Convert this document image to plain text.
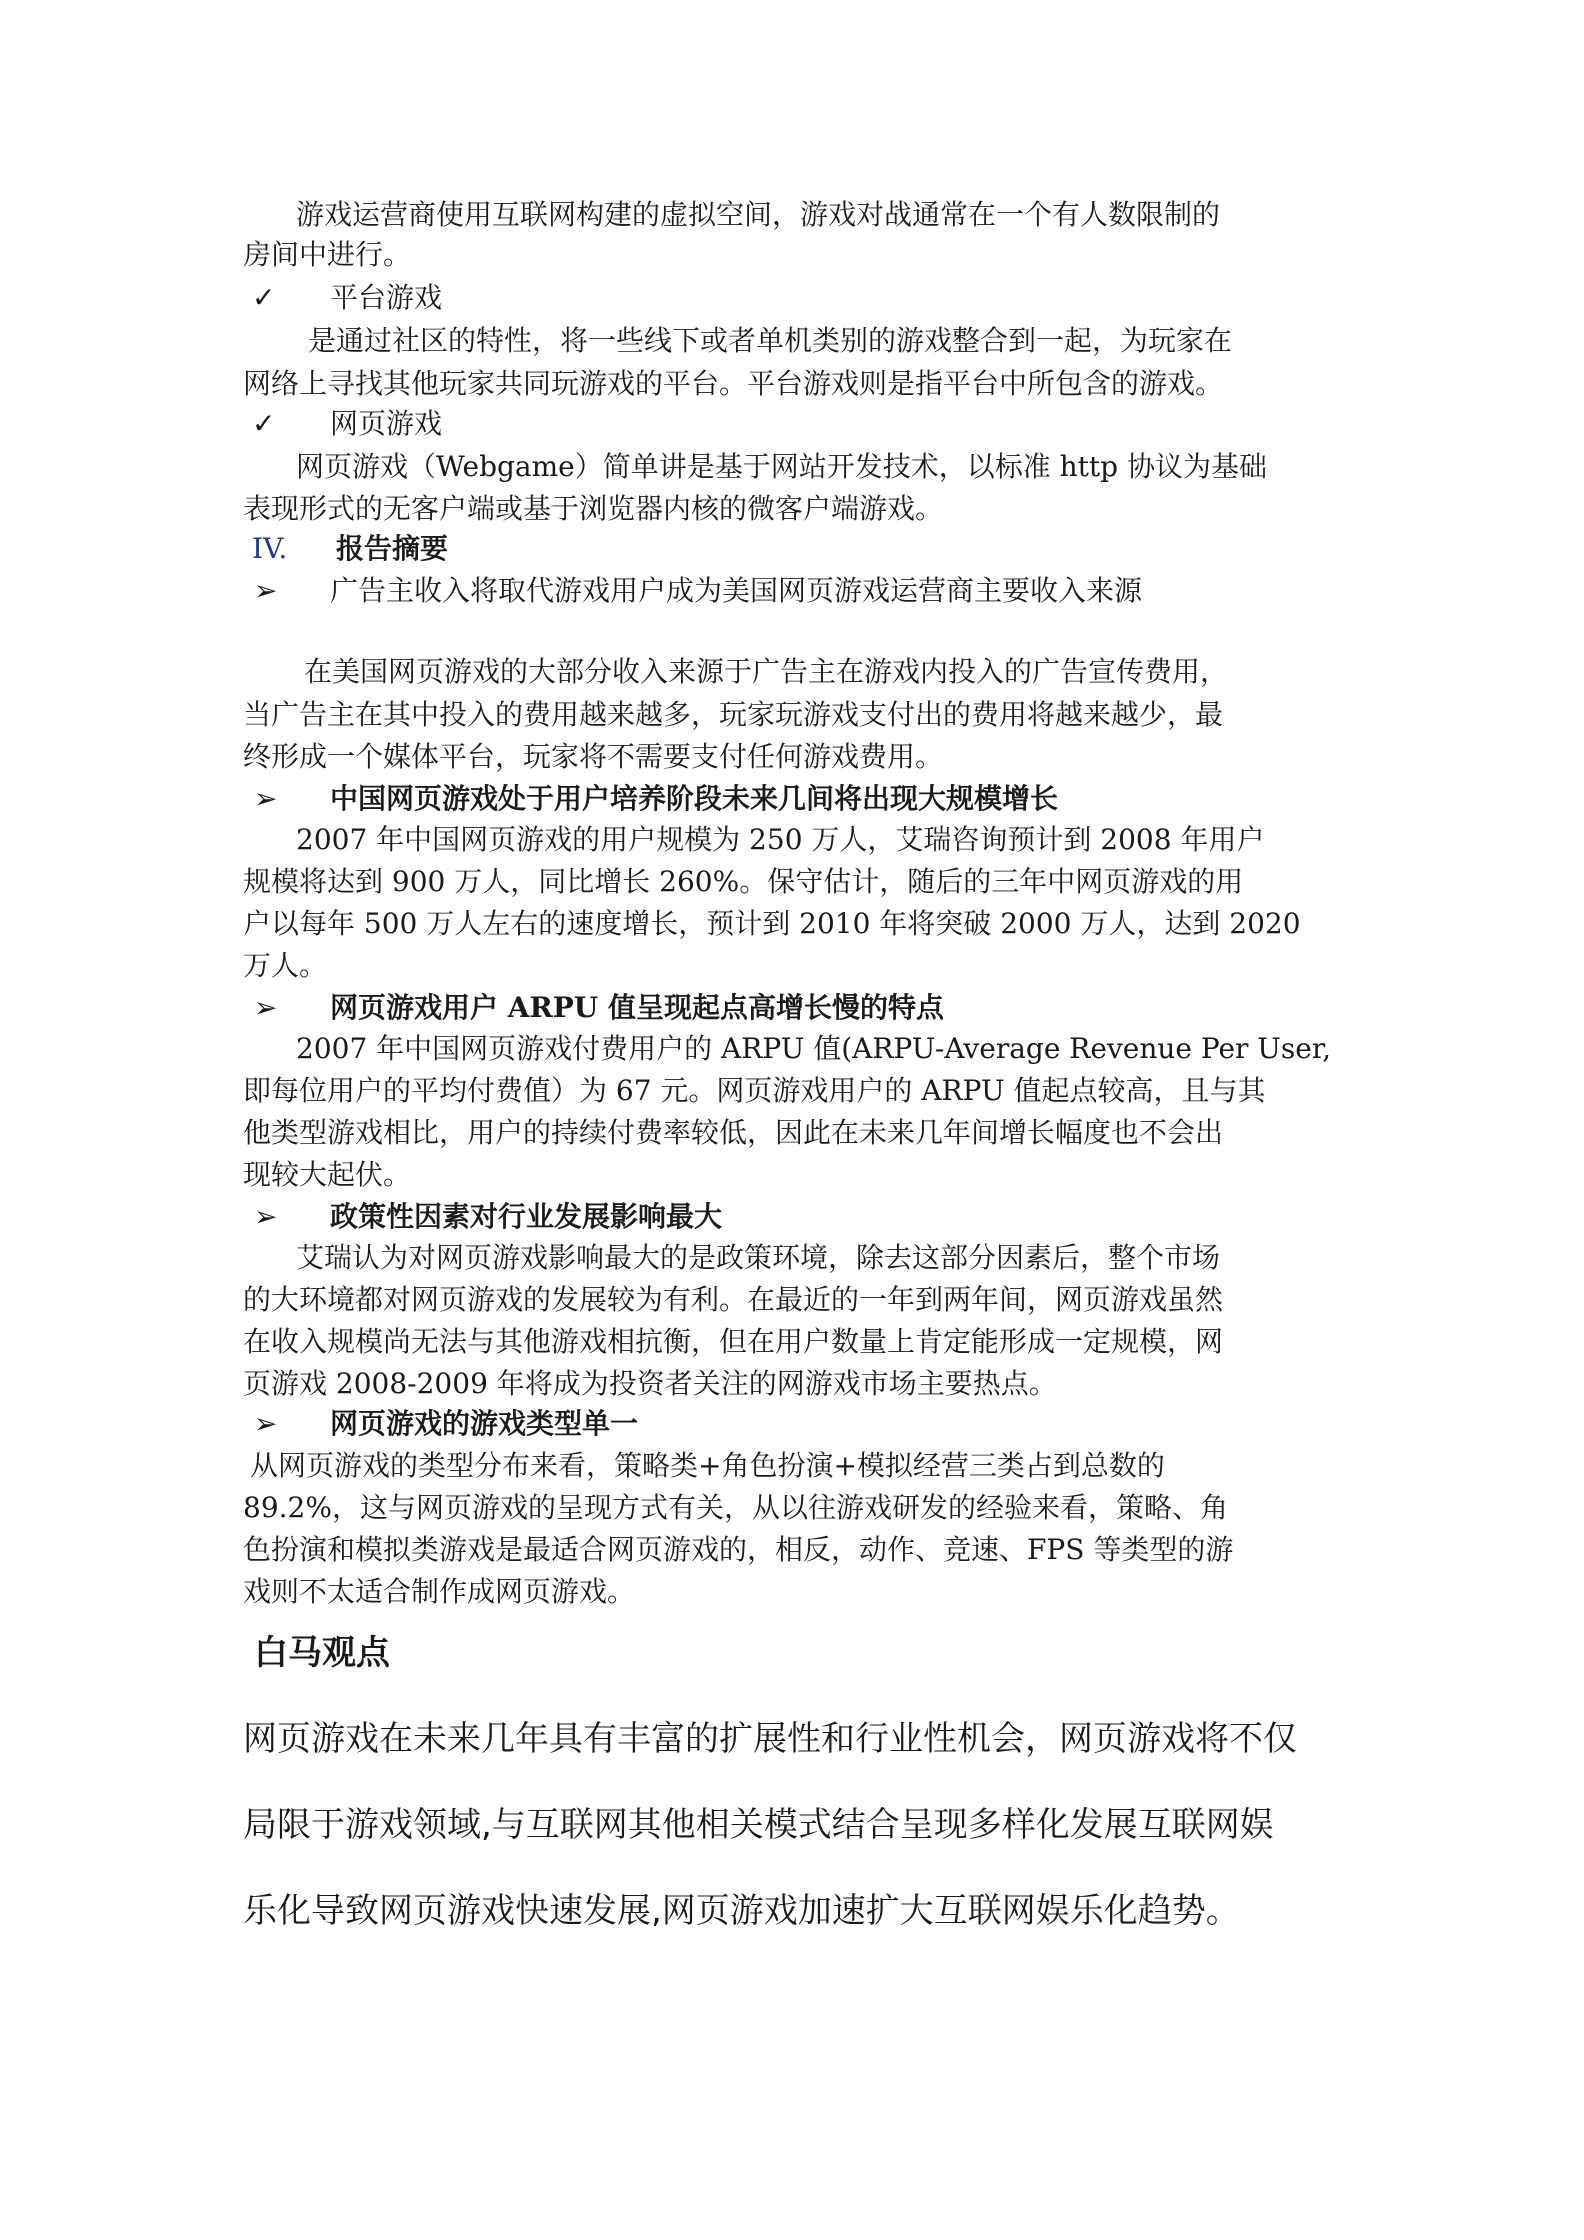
游戏运营商使用互联网构建的虚拟空间，游戏对战通常在一个有人数限制的
房间中进行。
✓ 平台游戏
是通过社区的特性，将一些线下或者单机类别的游戏整合到一起，为玩家在
网络上寻找其他玩家共同玩游戏的平台。平台游戏则是指平台中所包含的游戏。
✓ 网页游戏
网页游戏（Webgame）简单讲是基于网站开发技术，以标准 http 协议为基础
表现形式的无客户端或基于浏览器内核的微客户端游戏。
IV. 报告摘要
➢ 广告主收入将取代游戏用户成为美国网页游戏运营商主要收入来源
在美国网页游戏的大部分收入来源于广告主在游戏内投入的广告宣传费用，
当广告主在其中投入的费用越来越多，玩家玩游戏支付出的费用将越来越少，最
终形成一个媒体平台，玩家将不需要支付任何游戏费用。
➢ 中国网页游戏处于用户培养阶段未来几间将出现大规模增长
2007 年中国网页游戏的用户规模为 250 万人，艾瑞咨询预计到 2008 年用户
规模将达到 900 万人，同比增长 260%。保守估计，随后的三年中网页游戏的用
户以每年 500 万人左右的速度增长，预计到 2010 年将突破 2000 万人，达到 2020
万人。
➢ 网页游戏用户 ARPU 值呈现起点高增长慢的特点
2007 年中国网页游戏付费用户的 ARPU 值(ARPU-Average Revenue Per User,
即每位用户的平均付费值）为 67 元。网页游戏用户的 ARPU 值起点较高，且与其
他类型游戏相比，用户的持续付费率较低，因此在未来几年间增长幅度也不会出
现较大起伏。
➢ 政策性因素对行业发展影响最大
艾瑞认为对网页游戏影响最大的是政策环境，除去这部分因素后，整个市场
的大环境都对网页游戏的发展较为有利。在最近的一年到两年间，网页游戏虽然
在收入规模尚无法与其他游戏相抗衡，但在用户数量上肯定能形成一定规模，网
页游戏 2008-2009 年将成为投资者关注的网游戏市场主要热点。
➢ 网页游戏的游戏类型单一
从网页游戏的类型分布来看，策略类+角色扮演+模拟经营三类占到总数的
89.2%，这与网页游戏的呈现方式有关，从以往游戏研发的经验来看，策略、角
色扮演和模拟类游戏是最适合网页游戏的，相反，动作、竞速、FPS 等类型的游
戏则不太适合制作成网页游戏。
白马观点
网页游戏在未来几年具有丰富的扩展性和行业性机会，网页游戏将不仅
局限于游戏领域,与互联网其他相关模式结合呈现多样化发展互联网娱
乐化导致网页游戏快速发展,网页游戏加速扩大互联网娱乐化趋势。
